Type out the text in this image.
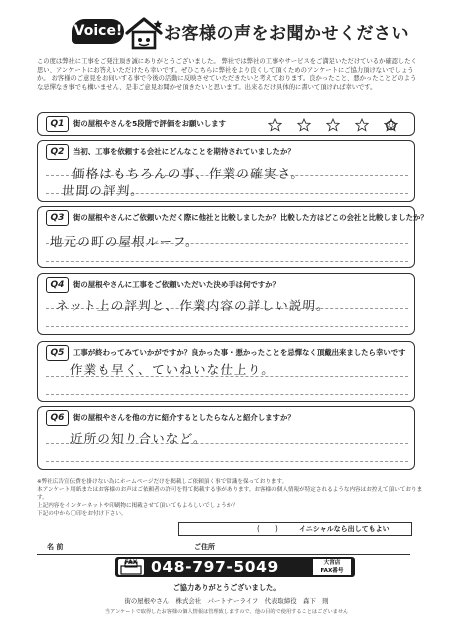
Voice! お客様の声をお聞かせください
この度は弊社に工事をご発注頂き誠にありがとうございました。 弊社では弊社の工事やサービスをご満足いただけているか確認したく思い、アンケートにお答えいただけたら幸いです。ぜひこちらに弊社をより良くして頂くためのアンケートにご協力頂けないでしょうか。 お客様のご意見をお伺いする事で今後の活動に反映させていただきたいと考えております。良かったこと、悪かったことどのような忌憚なき事でも構いません、是非ご意見お聞かせ頂きたいと思います。出来るだけ具体的に書いて頂ければ幸いです。
Q1	街の屋根やさんを5段階で評価をお願いします
Q2	当初、工事を依頼する会社にどんなことを期待されていましたか？
価格はもちろんの事、作業の確実さ。
世間の評判。
Q3	街の屋根やさんにご依頼いただく際に他社と比較しましたか？比較した方はどこの会社と比較しましたか？
地元の町の屋根ルーフ。
Q4	街の屋根やさんに工事をご依頼いただいた決め手は何ですか？
ネット上の評判と、作業内容の詳しい説明。
Q5	工事が終わってみていかがですか？良かった事・悪かったことを忌憚なく頂戴出来ましたら幸いです
作業も早く、ていねいな仕上り。
Q6	街の屋根やさんを他の方に紹介するとしたらなんと紹介しますか？
近所の知り合いなど。
※弊社広告宣伝費を掛けない為にホームページだけを掲載しご依頼頂く事で常識を保っております。
本アンケート用紙またはお客様のお声はご依頼者の許可を得て掲載する事があります。お客様の個人情報が特定されるような内容はお控えて頂いております。
上記内容をインターネットや印刷物に掲載させて頂いてもよろしいでしょうか？
下記の中から〇印をお付け下さい。
(　　)	イニシャルなら出してもよい
名 前	ご住所
FAX 048-797-5049	大宮店
FAX番号
ご協力ありがとうございました。
街の屋根やさん　株式会社　パートナーライフ　代表取締役　森下　則
当アンケートで取得したお客様の個人情報は管理致しますので、他の目的で使用することはございません
